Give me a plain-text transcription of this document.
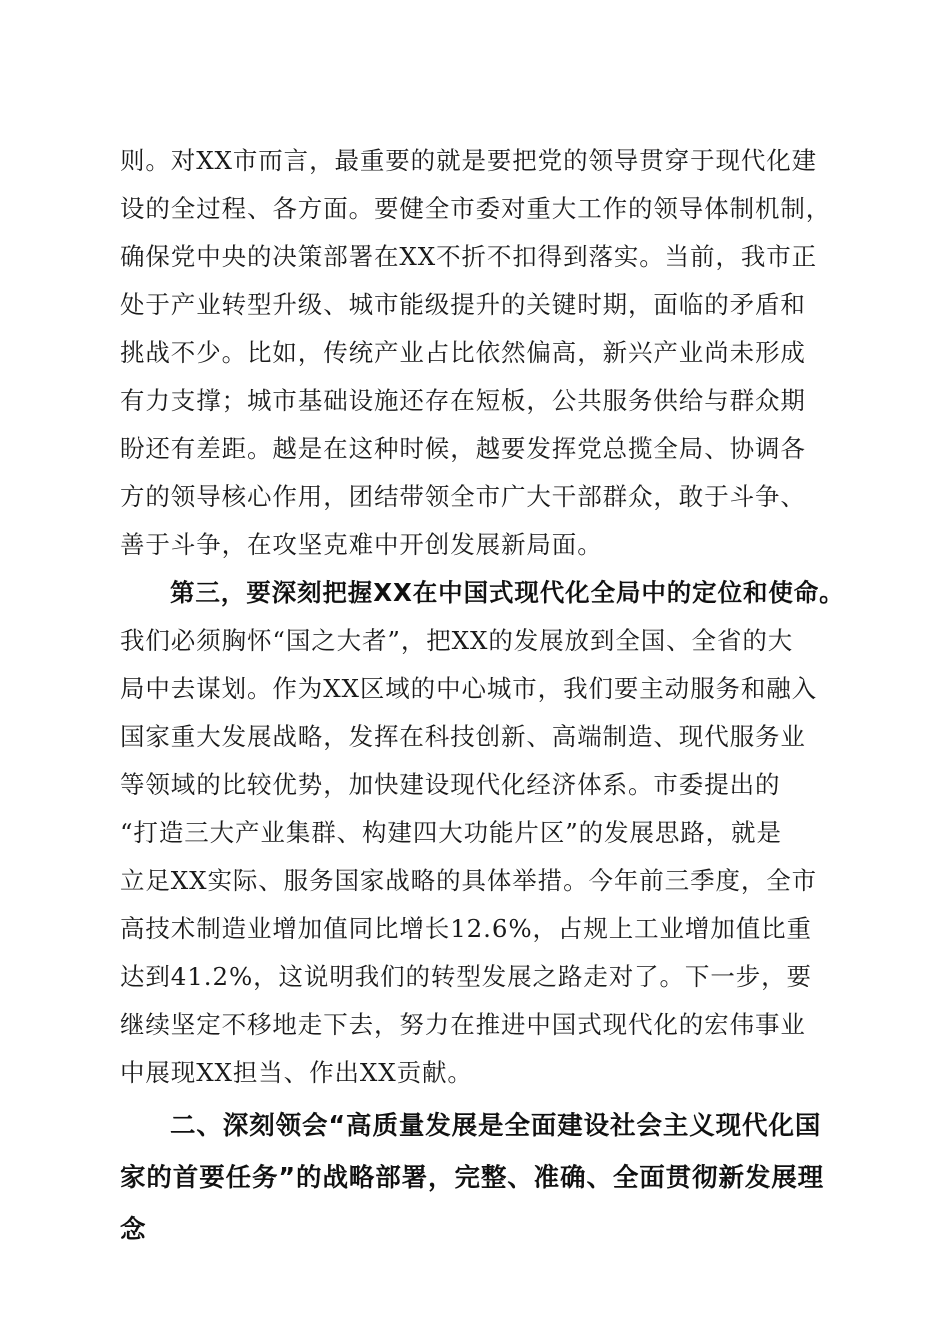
则。对XX市而言，最重要的就是要把党的领导贯穿于现代化建
设的全过程、各方面。要健全市委对重大工作的领导体制机制，
确保党中央的决策部署在XX不折不扣得到落实。当前，我市正
处于产业转型升级、城市能级提升的关键时期，面临的矛盾和
挑战不少。比如，传统产业占比依然偏高，新兴产业尚未形成
有力支撑；城市基础设施还存在短板，公共服务供给与群众期
盼还有差距。越是在这种时候，越要发挥党总揽全局、协调各
方的领导核心作用，团结带领全市广大干部群众，敢于斗争、
善于斗争，在攻坚克难中开创发展新局面。
第三，要深刻把握XX在中国式现代化全局中的定位和使命。
我们必须胸怀“国之大者”，把XX的发展放到全国、全省的大
局中去谋划。作为XX区域的中心城市，我们要主动服务和融入
国家重大发展战略，发挥在科技创新、高端制造、现代服务业
等领域的比较优势，加快建设现代化经济体系。市委提出的
“打造三大产业集群、构建四大功能片区”的发展思路，就是
立足XX实际、服务国家战略的具体举措。今年前三季度，全市
高技术制造业增加值同比增长12.6%，占规上工业增加值比重
达到41.2%，这说明我们的转型发展之路走对了。下一步，要
继续坚定不移地走下去，努力在推进中国式现代化的宏伟事业
中展现XX担当、作出XX贡献。
二、深刻领会“高质量发展是全面建设社会主义现代化国
家的首要任务”的战略部署，完整、准确、全面贯彻新发展理
念
